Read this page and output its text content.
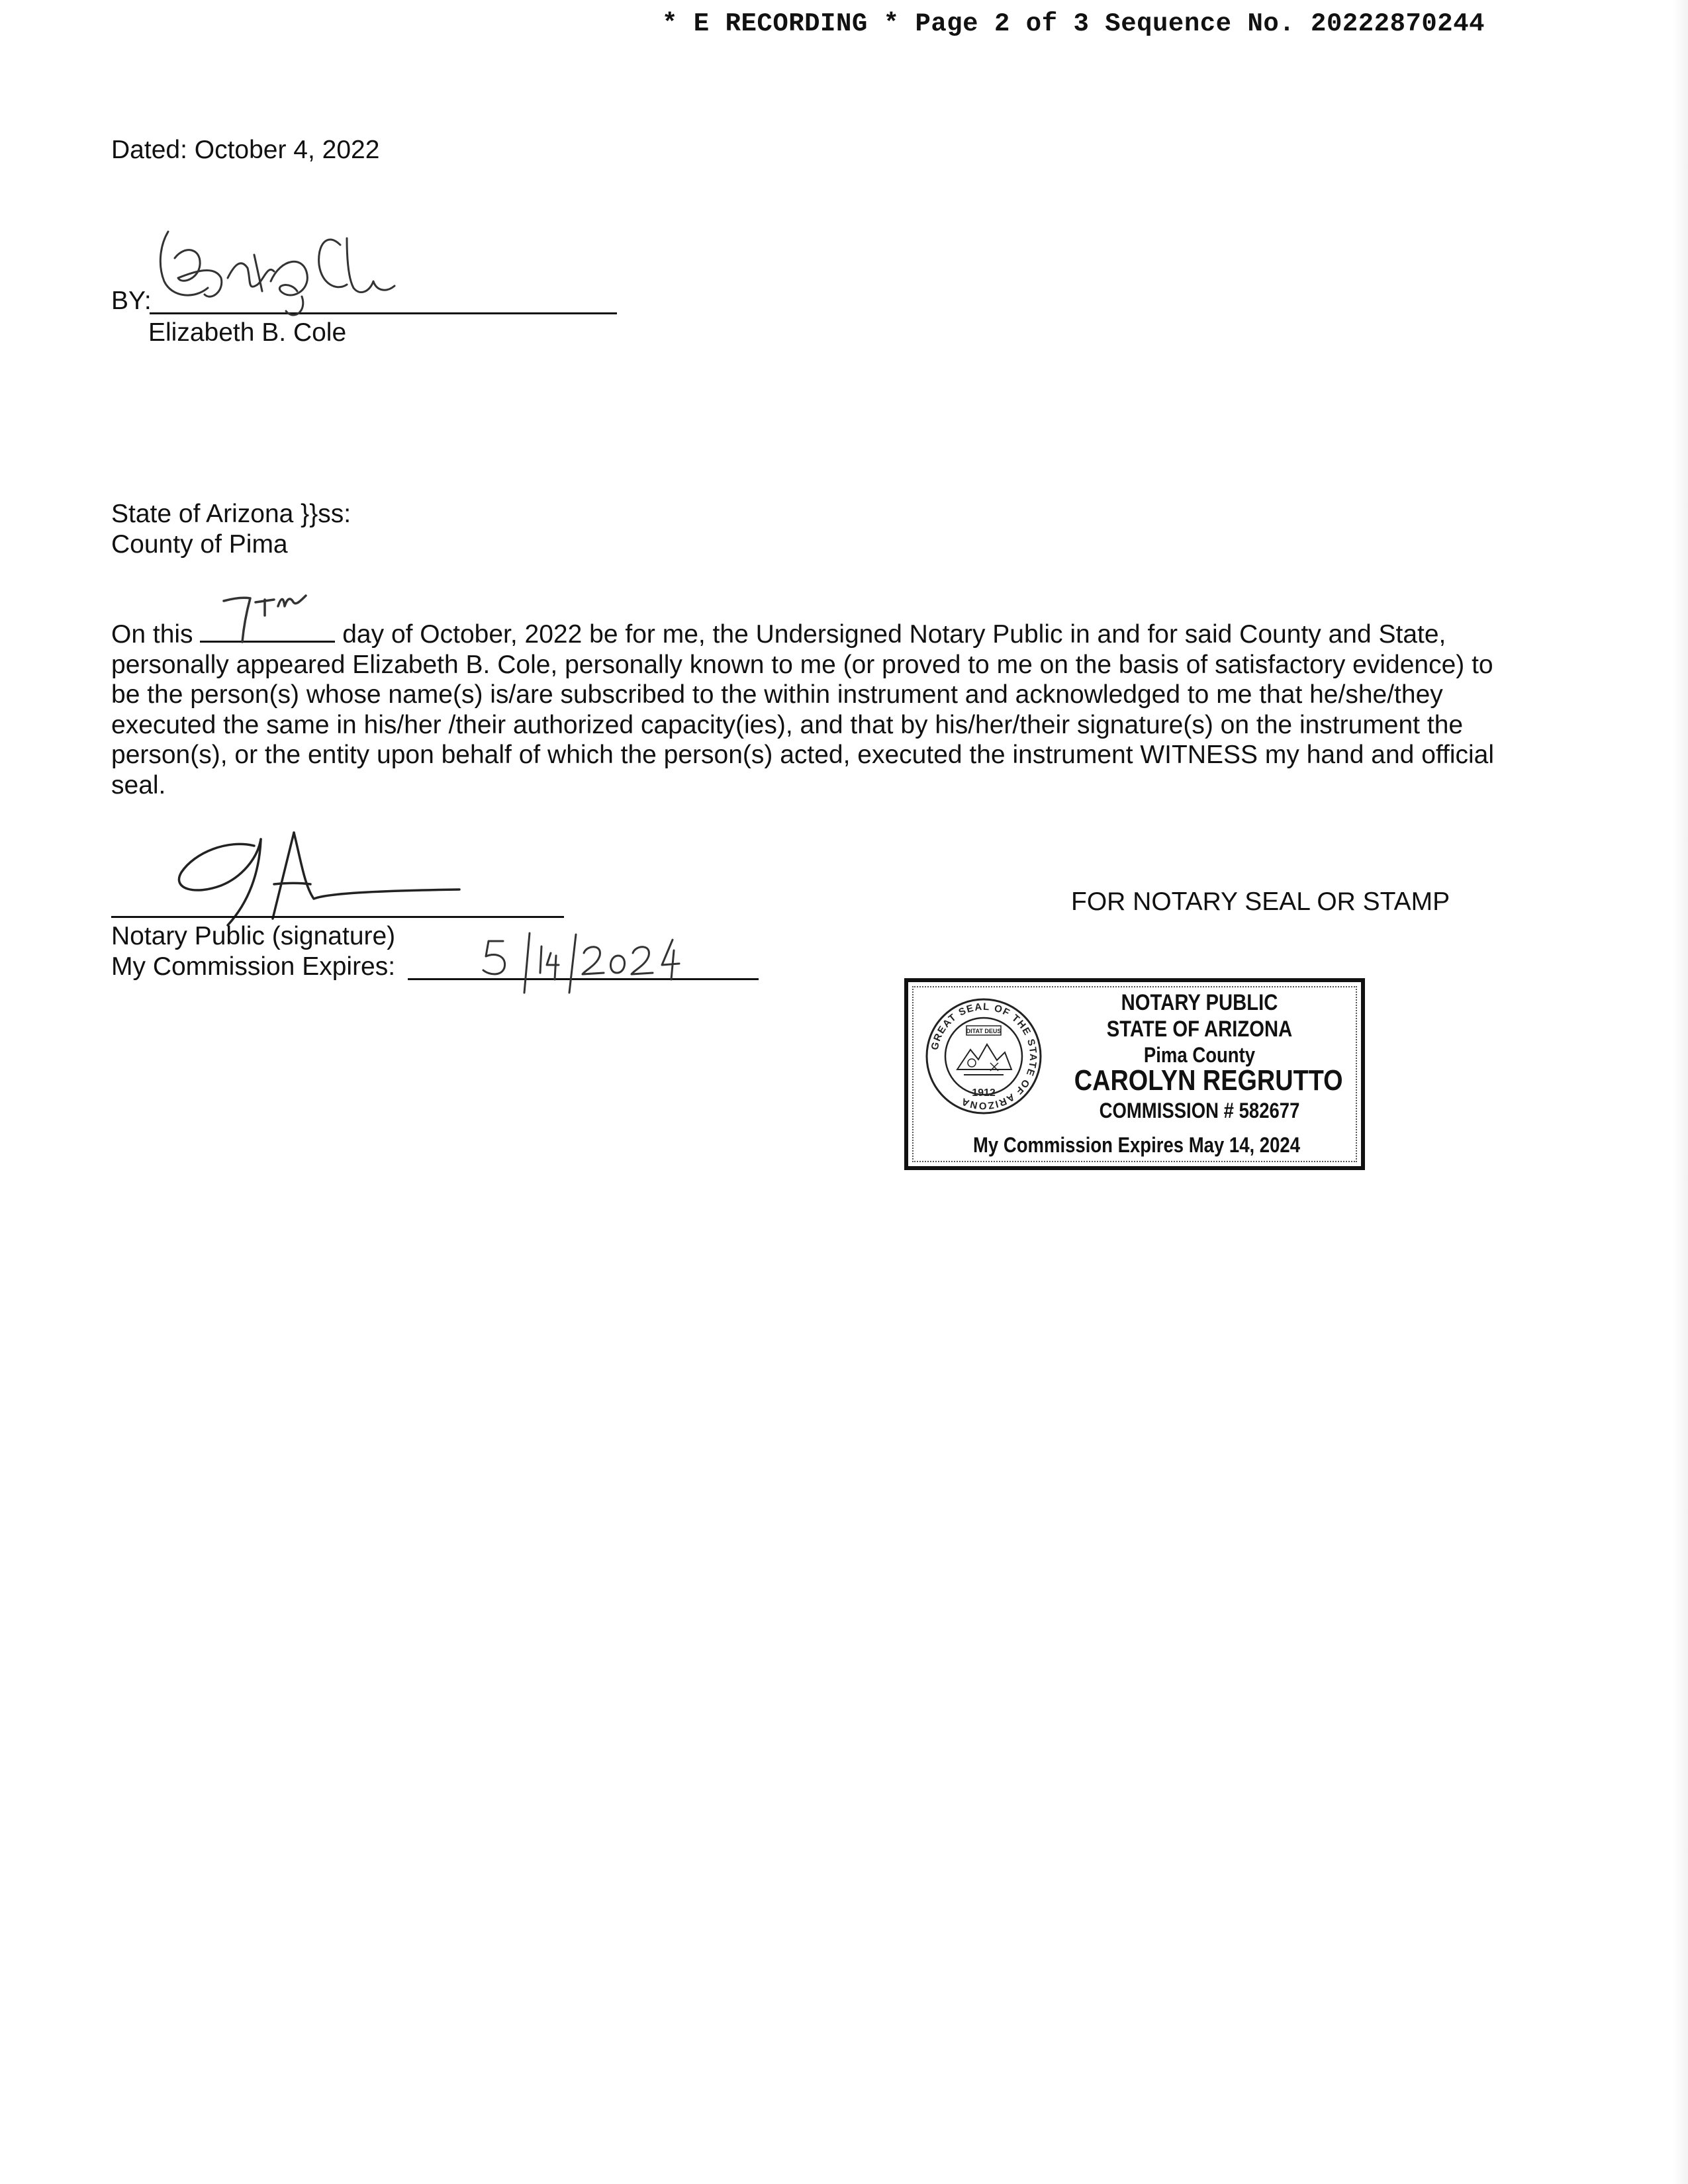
* E RECORDING * Page 2 of 3 Sequence No. 20222870244
Dated: October 4, 2022
BY:
Elizabeth B. Cole
State of Arizona }}ss:
County of Pima
On this	day of October, 2022 be for me, the Undersigned Notary Public in and for said County and State,
personally appeared Elizabeth B. Cole, personally known to me (or proved to me on the basis of satisfactory evidence) to
be the person(s) whose name(s) is/are subscribed to the within instrument and acknowledged to me that he/she/they
executed the same in his/her /their authorized capacity(ies), and that by his/her/their signature(s) on the instrument the
person(s), or the entity upon behalf of which the person(s) acted, executed the instrument WITNESS my hand and official
seal.
Notary Public (signature)
My Commission Expires:
FOR NOTARY SEAL OR STAMP
GREAT SEAL OF THE STATE OF ARIZONA
DITAT DEUS
1912
NOTARY PUBLIC
STATE OF ARIZONA
Pima County
CAROLYN REGRUTTO
COMMISSION # 582677
My Commission Expires May 14, 2024
